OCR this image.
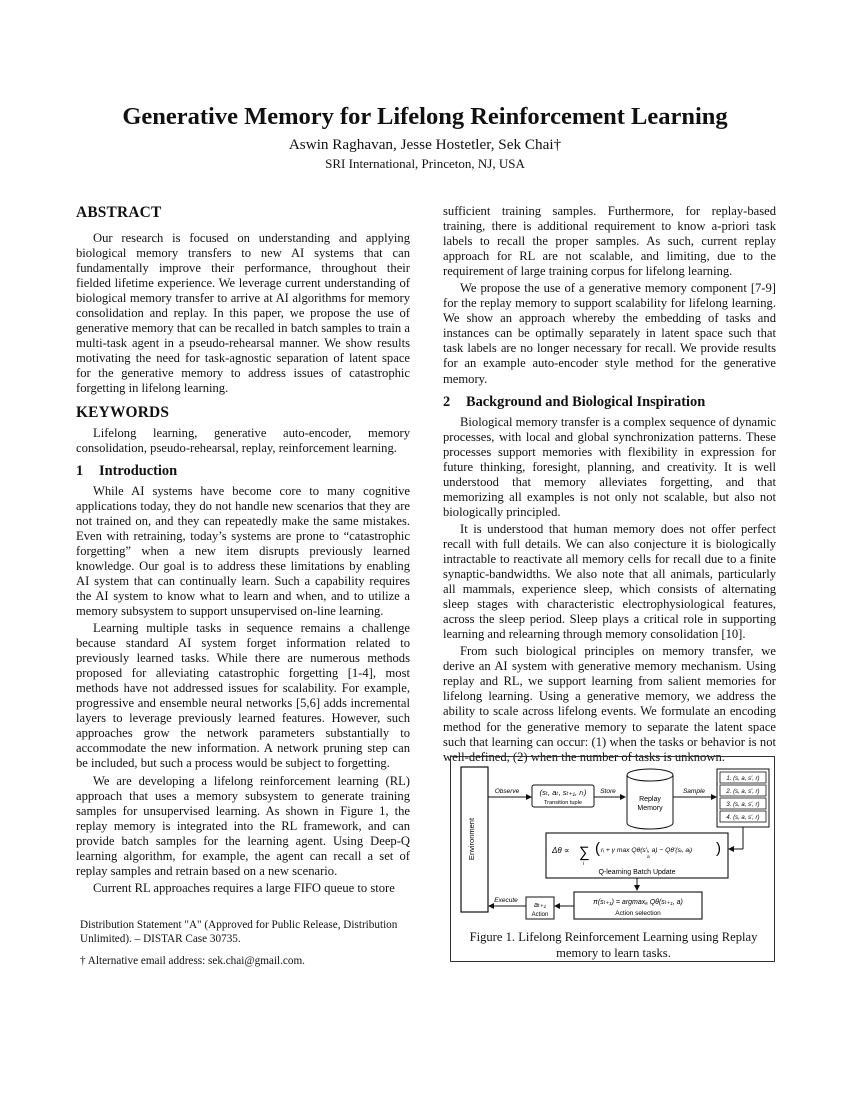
Generative Memory for Lifelong Reinforcement Learning
Aswin Raghavan, Jesse Hostetler, Sek Chai†
SRI International, Princeton, NJ, USA
ABSTRACT

Our research is focused on understanding and applying biological memory transfers to new AI systems that can fundamentally improve their performance, throughout their fielded lifetime experience. We leverage current understanding of biological memory transfer to arrive at AI algorithms for memory consolidation and replay. In this paper, we propose the use of generative memory that can be recalled in batch samples to train a multi-task agent in a pseudo-rehearsal manner. We show results motivating the need for task-agnostic separation of latent space for the generative memory to address issues of catastrophic forgetting in lifelong learning.

KEYWORDS

Lifelong learning, generative auto-encoder, memory consolidation, pseudo-rehearsal, replay, reinforcement learning.

1 Introduction

While AI systems have become core to many cognitive applications today, they do not handle new scenarios that they are not trained on, and they can repeatedly make the same mistakes. Even with retraining, today’s systems are prone to “catastrophic forgetting” when a new item disrupts previously learned knowledge. Our goal is to address these limitations by enabling AI system that can continually learn. Such a capability requires the AI system to know what to learn and when, and to utilize a memory subsystem to support unsupervised on-line learning.

Learning multiple tasks in sequence remains a challenge because standard AI system forget information related to previously learned tasks. While there are numerous methods proposed for alleviating catastrophic forgetting [1-4], most methods have not addressed issues for scalability. For example, progressive and ensemble neural networks [5,6] adds incremental layers to leverage previously learned features. However, such approaches grow the network parameters substantially to accommodate the new information. A network pruning step can be included, but such a process would be subject to forgetting.

We are developing a lifelong reinforcement learning (RL) approach that uses a memory subsystem to generate training samples for unsupervised learning. As shown in Figure 1, the replay memory is integrated into the RL framework, and can provide batch samples for the learning agent. Using Deep-Q learning algorithm, for example, the agent can recall a set of replay samples and retrain based on a new scenario.

Current RL approaches requires a large FIFO queue to store

Distribution Statement "A" (Approved for Public Release, Distribution Unlimited). – DISTAR Case 30735.
† Alternative email address: sek.chai@gmail.com.

sufficient training samples. Furthermore, for replay-based training, there is additional requirement to know a-priori task labels to recall the proper samples. As such, current replay approach for RL are not scalable, and limiting, due to the requirement of large training corpus for lifelong learning.

We propose the use of a generative memory component [7-9] for the replay memory to support scalability for lifelong learning. We show an approach whereby the embedding of tasks and instances can be optimally separately in latent space such that task labels are no longer necessary for recall. We provide results for an example auto-encoder style method for the generative memory.

2 Background and Biological Inspiration

Biological memory transfer is a complex sequence of dynamic processes, with local and global synchronization patterns. These processes support memories with flexibility in expression for future thinking, foresight, planning, and creativity. It is well understood that memory alleviates forgetting, and that memorizing all examples is not only not scalable, but also not biologically principled.

It is understood that human memory does not offer perfect recall with full details. We can also conjecture it is biologically intractable to reactivate all memory cells for recall due to a finite synaptic-bandwidths. We also note that all animals, particularly all mammals, experience sleep, which consists of alternating sleep stages with characteristic electrophysiological features, across the sleep period. Sleep plays a critical role in supporting learning and relearning through memory consolidation [10].

From such biological principles on memory transfer, we derive an AI system with generative memory mechanism. Using replay and RL, we support learning from salient memories for lifelong learning. Using a generative memory, we address the ability to scale across lifelong events. We formulate an encoding method for the generative memory to separate the latent space such that learning can occur: (1) when the tasks or behavior is not well-defined, (2) when the number of tasks is unknown.

Environment
Observe	(sₜ, aₜ, sₜ₊₁, rₜ)
Transition tuple
Store
Replay
Memory
Sample
1. (s, a, s′, r)
2. (s, a, s′, r)
3. (s, a, s′, r)
4. (s, a, s′, r)
Δθ ∝ ∑
i
( rᵢ + γ max Qθ(s′ᵢ, a) − Qθ′(sᵢ, aᵢ)
a
)
Q-learning Batch Update
π(sₜ₊₁) = argmaxₐ Qθ(sₜ₊₁, a)
Action selection
aₜ₊₁
Action
Execute
Figure 1. Lifelong Reinforcement Learning using Replay memory to learn tasks.
